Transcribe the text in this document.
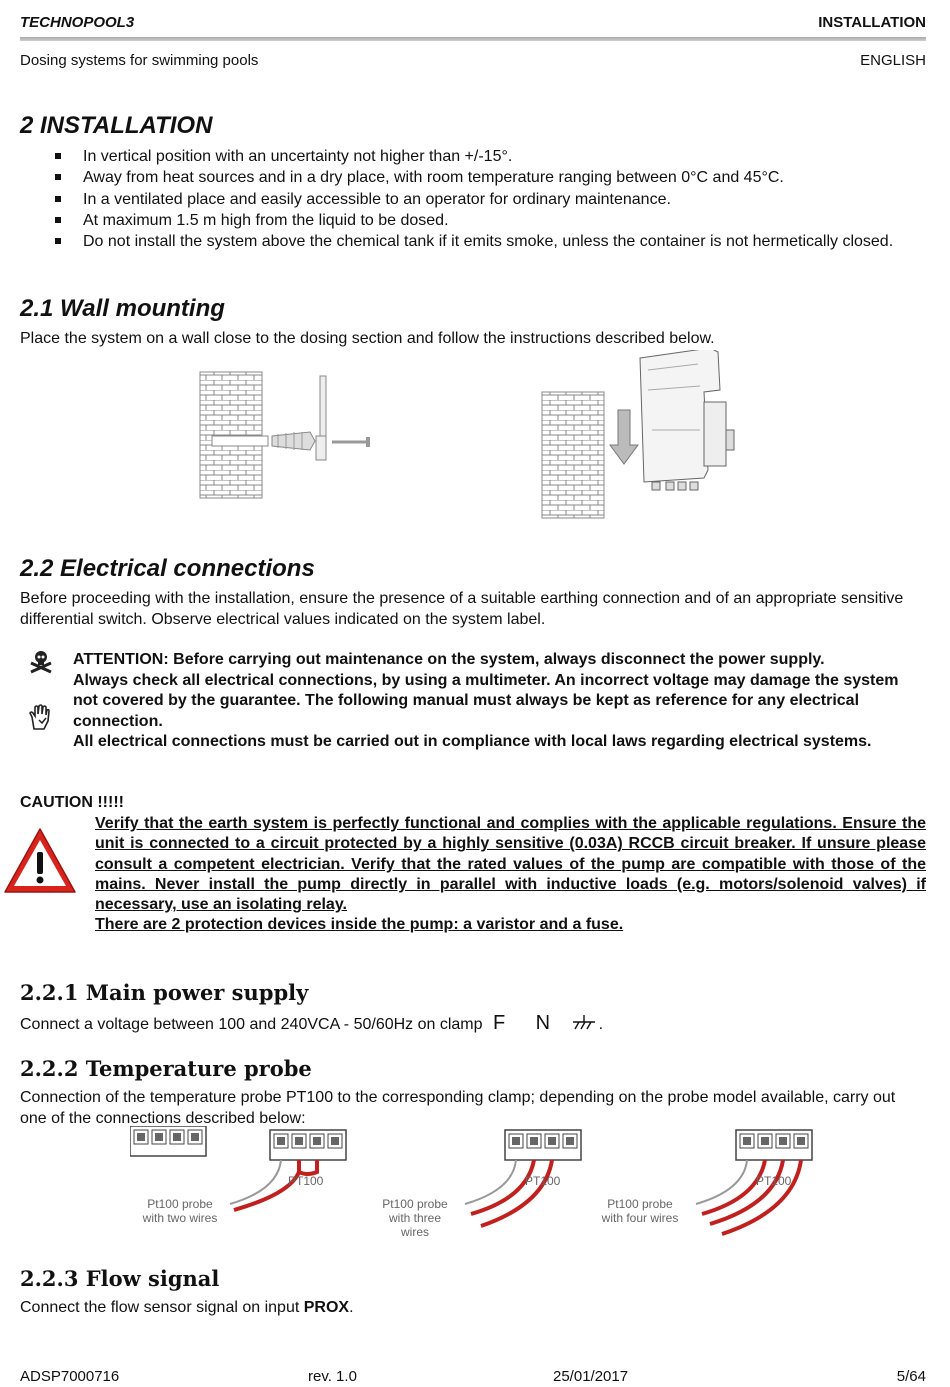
TECHNOPOOL3	INSTALLATION
Dosing systems for swimming pools	ENGLISH
2 INSTALLATION
In vertical position with an uncertainty not higher than +/-15°.
Away from heat sources and in a dry place, with room temperature ranging between 0°C and 45°C.
In a ventilated place and easily accessible to an operator for ordinary maintenance.
At maximum 1.5 m high from the liquid to be dosed.
Do not install the system above the chemical tank if it emits smoke, unless the container is not hermetically closed.
2.1 Wall mounting
Place the system on a wall close to the dosing section and follow the instructions described below.
2.2 Electrical connections
Before proceeding with the installation, ensure the presence of a suitable earthing connection and of an appropriate sensitive differential switch. Observe electrical values indicated on the system label.

ATTENTION: Before carrying out maintenance on the system, always disconnect the power supply.

Always check all electrical connections, by using a multimeter. An incorrect voltage may damage the system not covered by the guarantee. The following manual must always be kept as reference for any electrical connection.

All electrical connections must be carried out in compliance with local laws regarding electrical systems.

CAUTION !!!!!

Verify that the earth system is perfectly functional and complies with the applicable regulations. Ensure the unit is connected to a circuit protected by a highly sensitive (0.03A) RCCB circuit breaker. If unsure please consult a competent electrician. Verify that the rated values of the pump are compatible with those of the mains. Never install the pump directly in parallel with inductive loads (e.g. motors/solenoid valves) if necessary, use an isolating relay.

There are 2 protection devices inside the pump: a varistor and a fuse.

2.2.1 Main power supply
Connect a voltage between 100 and 240VCA - 50/60Hz on clamp F N	.
2.2.2 Temperature probe
Connection of the temperature probe PT100 to the corresponding clamp; depending on the probe model available, carry out one of the connections described below:
PT100
Pt100 probe
with two wires
PT100
Pt100 probe
with three
wires
PT100
Pt100 probe
with four wires
2.2.3 Flow signal
Connect the flow sensor signal on input PROX.
ADSP7000716	rev. 1.0	25/01/2017	5/64
